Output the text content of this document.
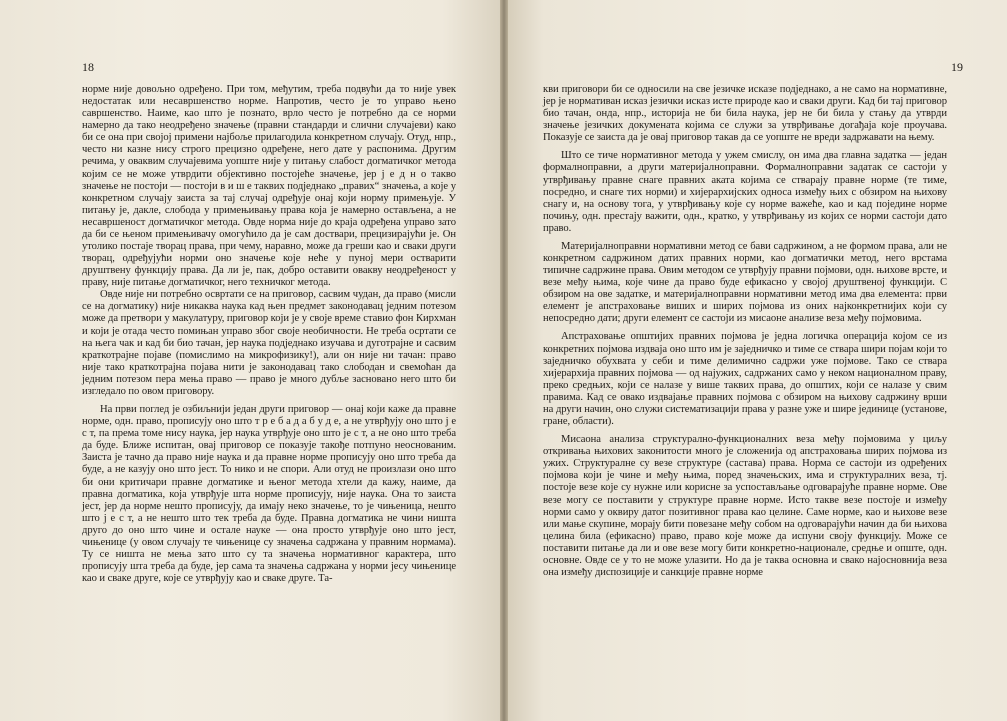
18

норме није довољно одређено. При том, међутим, треба подвући да то није увек недостатак или несавршенство норме. Напротив, често је то управо њено савршенство. Наиме, као што је познато, врло често је потребно да се норми намерно да тако неодређено значење (правни стандарди и слични случајеви) како би се она при својој примени најбоље прилагодила конкретном случају. Отуд, нпр., често ни казне нису строго прецизно одређене, него дате у распонима. Другим речима, у оваквим случајевима уопште није у питању слабост догматичког метода којим се не може утврдити објективно постојеће значење, јер ј е д н о такво значење не постоји — постоји в и ш е таквих подједнако „правих“ значења, а које у конкретном случају заиста за тај случај одређује онај који норму примењује. У питању је, дакле, слобода у примењивању права која је намерно остављена, а не несавршеност догматичког метода. Овде норма није до краја одређена управо зато да би се њеном примењивачу омогућило да је сам доствари, прецизирајући је. Он утолико постаје творац права, при чему, наравно, може да греши као и сваки други творац, одређујући норми оно значење које неће у пуној мери остварити друштвену функцију права. Да ли је, пак, добро оставити овакву неодређеност у праву, није питање догматичког, него техничког метода.

Овде није ни потребно освртати се на приговор, сасвим чудан, да право (мисли се на догматику) није никаква наука кад њен предмет законодавац једним потезом може да претвори у макулатуру, приговор који је у своје време ставио фон Кирхман и који је отада често помињан управо због своје необичности. Не треба осртати се на њега чак и кад би био тачан, јер наука подједнако изучава и дуготрајне и сасвим краткотрајне појаве (помислимо на микрофизику!), али он није ни тачан: право није тако краткотрајна појава нити је законодавац тако слободан и свемоћан да једним потезом пера мења право — право је много дубље засновано него што би изгледало по овом приговору.

На први поглед је озбиљнији један други приговор — онај који каже да правне норме, одн. право, прописују оно што т р е б а д а б у д е, а не утврђују оно што ј е с т, па према томе нису наука, јер наука утврђује оно што је с т, а не оно што треба да буде. Ближе испитан, овај приговор се показује такође потпуно неоснованим. Заиста је тачно да право није наука и да правне норме прописују оно што треба да буде, а не казују оно што јест. То нико и не спори. Али отуд не произлази оно што би они критичари правне догматике и њеног метода хтели да кажу, наиме, да правна догматика, која утврђује шта норме прописују, није наука. Она то заиста јест, јер да норме нешто прописују, да имају неко значење, то је чињеница, нешто што ј е с т, а не нешто што тек треба да буде. Правна догматика не чини ништа друго до оно што чине и остале науке — она просто утврђује оно што јест, чињенице (у овом случају те чињенице су значења садржана у правним нормама). Ту се ништа не мења зато што су та значења нормативног карактера, што прописују шта треба да буде, јер сама та значења садржана у норми јесу чињенице као и сваке друге, које се утврђују као и сваке друге. Та-

19

кви приговори би се односили на све језичке исказе подједнако, а не само на нормативне, јер је нормативан исказ језички исказ исте природе као и сваки други. Кад би тај приговор био тачан, онда, нпр., историја не би била наука, јер не би била у стању да утврди значење језичких докумената којима се служи за утврђивање догађаја које проучава. Показује се заиста да је овај приговор такав да се уопште не вреди задржавати на њему.

Што се тиче нормативног метода у ужем смислу, он има два главна задатка — један формалноправни, а други материјалноправни. Формалноправни задатак се састоји у утврђивању правне снаге правних аката којима се стварају правне норме (те тиме, посредно, и снаге тих норми) и хијерархијских односа између њих с обзиром на њихову снагу и, на основу тога, у утврђивању које су норме важеће, као и кад поједине норме почињу, одн. престају важити, одн., кратко, у утврђивању из којих се норми састоји дато право.

Материјалноправни нормативни метод се бави садржином, а не формом права, али не конкретном садржином датих правних норми, као догматички метод, него врстама типичне садржине права. Овим методом се утврђују правни појмови, одн. њихове врсте, и везе међу њима, које чине да право буде ефикасно у својој друштвеној функцији. С обзиром на ове задатке, и материјалноправни нормативни метод има два елемента: први елемент је апстраховање виших и ширих појмова из оних најконкретнијих који су непосредно дати; други елемент се састоји из мисаоне анализе веза међу појмовима.

Апстраховање општијих правних појмова је једна логичка операција којом се из конкретних појмова издваја оно што им је заједничко и тиме се ствара шири појам који то заједничко обухвата у себи и тиме делимично садржи уже појмове. Тако се ствара хијерархија правних појмова — од најужих, садржаних само у неком националном праву, преко средњих, који се налазе у више таквих права, до општих, који се налазе у свим правима. Кад се овако издвајање правних појмова с обзиром на њихову садржину врши на други начин, оно служи систематизацији права у разне уже и шире јединице (установе, гране, области).

Мисаона анализа структурално-функционалних веза међу појмовима у циљу откривања њихових законитости много је сложенија од апстраховања ширих појмова из ужих. Структуралне су везе структуре (састава) права. Норма се састоји из одређених појмова који је чине и међу њима, поред значењских, има и структуралних веза, тј. постоје везе које су нужне или корисне за успостављање одговарајуће правне норме. Ове везе могу се поставити у структуре правне норме. Исто такве везе постоје и између норми само у оквиру датог позитивног права као целине. Саме норме, као и њихове везе или мање скупине, морају бити повезане међу собом на одговарајући начин да би њихова целина била (ефикасно) право, право које може да испуни своју функцију. Може се поставити питање да ли и ове везе могу бити конкретно-национале, средње и опште, одн. основне. Овде се у то не може улазити. Но да је таква основна и свако најосновнија веза она између диспозиције и санкције правне норме
